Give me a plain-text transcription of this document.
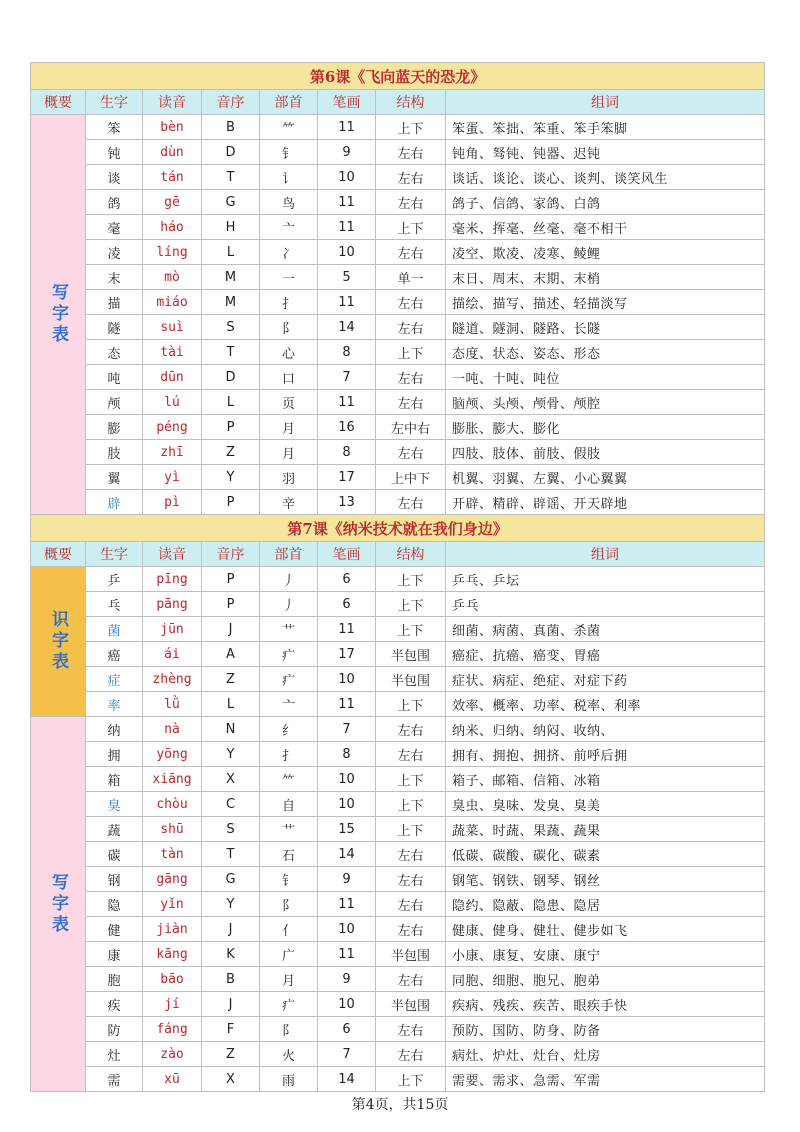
第6课《飞向蓝天的恐龙》							
概要	生字	读音	音序	部首	笔画	结构	组词

写字表	笨	bèn	B	⺮	11	上下	笨蛋、笨拙、笨重、笨手笨脚
	钝	dùn	D	钅	9	左右	钝角、驽钝、钝器、迟钝
	谈	tán	T	讠	10	左右	谈话、谈论、谈心、谈判、谈笑风生
	鸽	gē	G	鸟	11	左右	鸽子、信鸽、家鸽、白鸽
	毫	háo	H	亠	11	上下	毫米、挥毫、丝毫、毫不相干
	凌	líng	L	冫	10	左右	凌空、欺凌、凌寒、鲮鲤
	末	mò	M	一	5	单一	末日、周末、末期、末梢
	描	miáo	M	扌	11	左右	描绘、描写、描述、轻描淡写
	隧	suì	S	阝	14	左右	隧道、隧洞、隧路、长隧
	态	tài	T	心	8	上下	态度、状态、姿态、形态
	吨	dūn	D	口	7	左右	一吨、十吨、吨位
	颅	lú	L	页	11	左右	脑颅、头颅、颅骨、颅腔
	膨	péng	P	月	16	左中右	膨胀、膨大、膨化
	肢	zhī	Z	月	8	左右	四肢、肢体、前肢、假肢
	翼	yì	Y	羽	17	上中下	机翼、羽翼、左翼、小心翼翼
	辟	pì	P	辛	13	左右	开辟、精辟、辟谣、开天辟地
第7课《纳米技术就在我们身边》							
概要	生字	读音	音序	部首	笔画	结构	组词

识字表	乒	pīng	P	丿	6	上下	乒乓、乒坛
	乓	pāng	P	丿	6	上下	乒乓
	菌	jūn	J	艹	11	上下	细菌、病菌、真菌、杀菌
	癌	ái	A	疒	17	半包围	癌症、抗癌、癌变、胃癌
	症	zhèng	Z	疒	10	半包围	症状、病症、绝症、对症下药
	率	lǜ	L	亠	11	上下	效率、概率、功率、税率、利率

写字表	纳	nà	N	纟	7	左右	纳米、归纳、纳闷、收纳、
	拥	yōng	Y	扌	8	左右	拥有、拥抱、拥挤、前呼后拥
	箱	xiāng	X	⺮	10	上下	箱子、邮箱、信箱、冰箱
	臭	chòu	C	自	10	上下	臭虫、臭味、发臭、臭美
	蔬	shū	S	艹	15	上下	蔬菜、时蔬、果蔬、蔬果
	碳	tàn	T	石	14	左右	低碳、碳酸、碳化、碳素
	钢	gāng	G	钅	9	左右	钢笔、钢铁、钢琴、钢丝
	隐	yǐn	Y	阝	11	左右	隐约、隐蔽、隐患、隐居
	健	jiàn	J	亻	10	左右	健康、健身、健壮、健步如飞
	康	kāng	K	广	11	半包围	小康、康复、安康、康宁
	胞	bāo	B	月	9	左右	同胞、细胞、胞兄、胞弟
	疾	jí	J	疒	10	半包围	疾病、残疾、疾苦、眼疾手快
	防	fáng	F	阝	6	左右	预防、国防、防身、防备
	灶	zào	Z	火	7	左右	病灶、炉灶、灶台、灶房
	需	xū	X	雨	14	上下	需要、需求、急需、军需
第4页，共15页
